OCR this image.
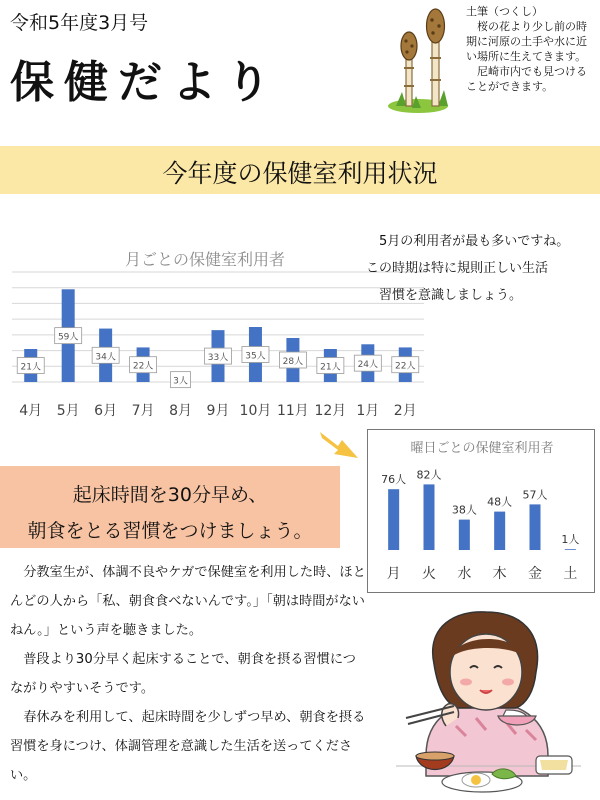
令和5年度3月号
保健だより
土筆（つくし）
桜の花より少し前の時期に河原の土手や水に近い場所に生えてきます。
尼崎市内でも見つけることができます。
今年度の保健室利用状況
月ごとの保健室利用者
21人
59人
34人
22人
3人
33人 35人
28人
21人 24人 22人
4月 5月 6月 7月 8月 9月 10月 11月 12月 1月 2月
5月の利用者が最も多いですね。
この時期は特に規則正しい生活
習慣を意識しましょう。
曜日ごとの保健室利用者
76人 82人
38人
48人
57人
1人
月 火 水 木 金 土
起床時間を30分早め、
朝食をとる習慣をつけましょう。
分教室生が、体調不良やケガで保健室を利用した時、ほとんどの人から「私、朝食食べないんです。」「朝は時間がないねん。」という声を聴きました。
普段より30分早く起床することで、朝食を摂る習慣につながりやすいそうです。
春休みを利用して、起床時間を少しずつ早め、朝食を摂る習慣を身につけ、体調管理を意識した生活を送ってください。
